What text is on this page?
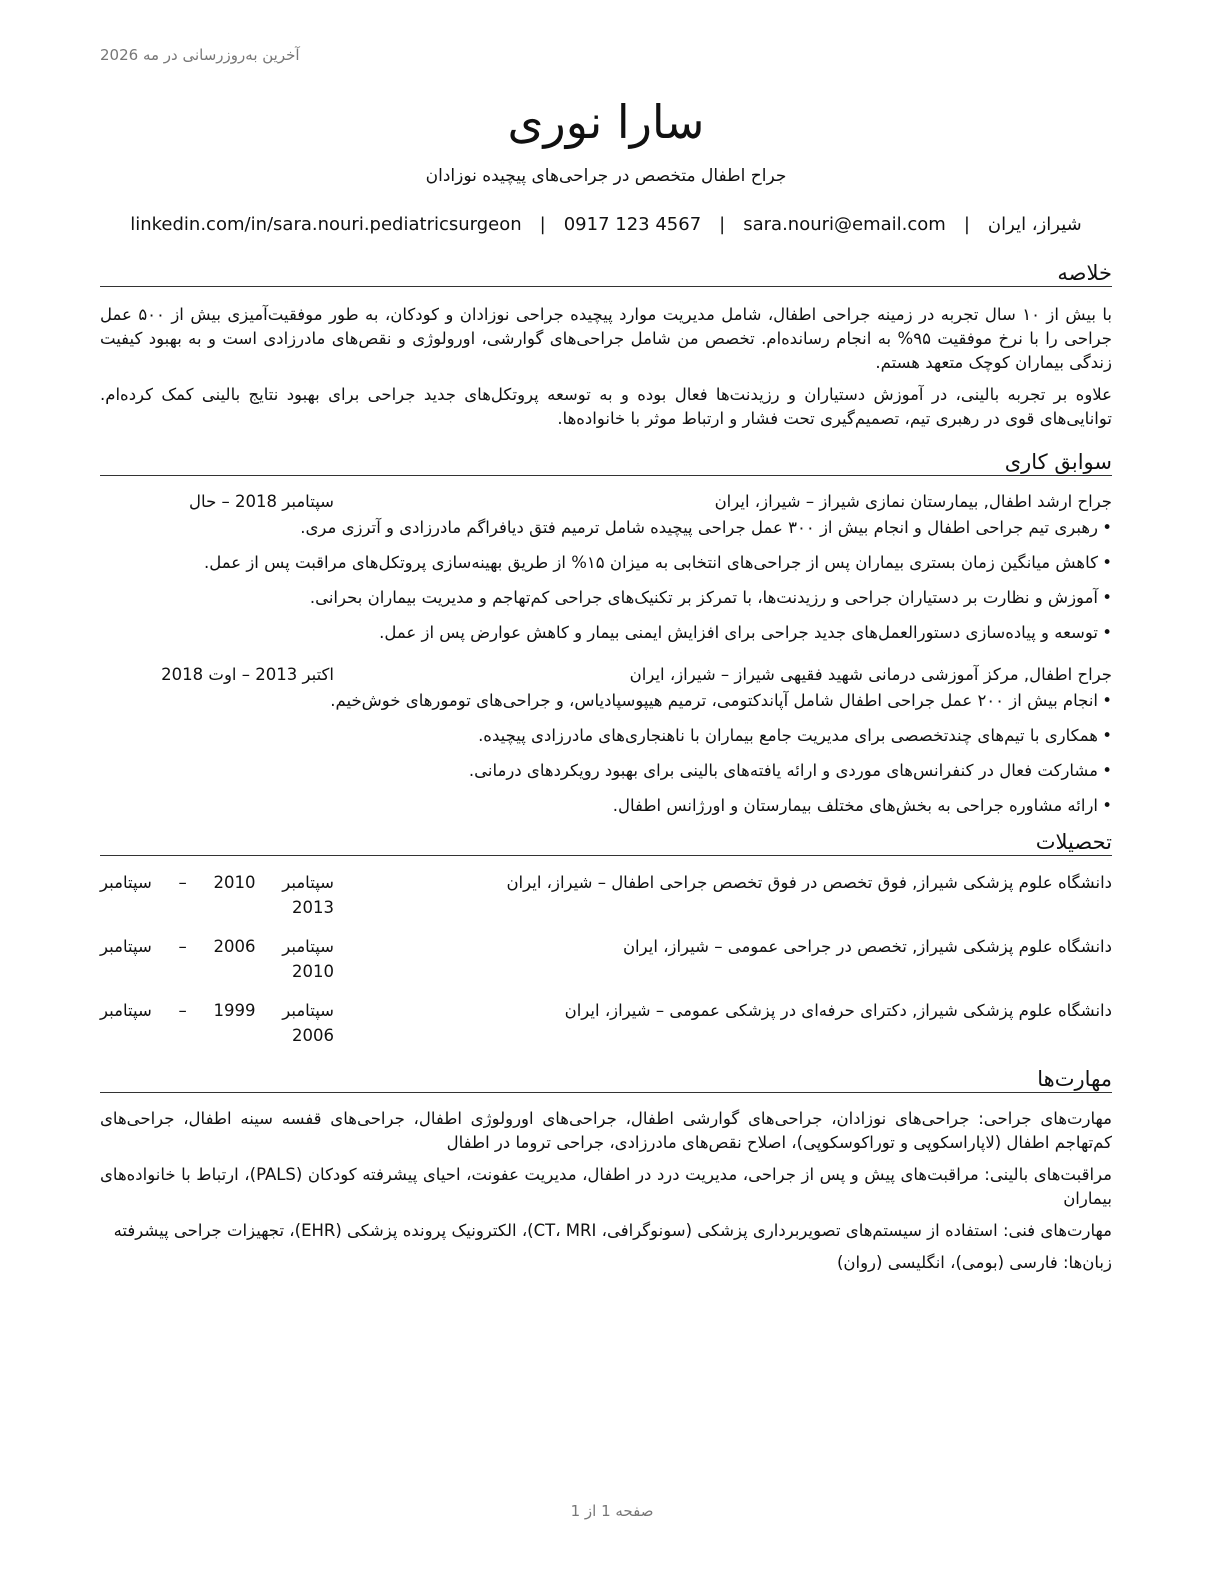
آخرین به‌روزرسانی در مه 2026
سارا نوری
جراح اطفال متخصص در جراحی‌های پیچیده نوزادان
شیراز، ایران
|
sara.nouri@email.com
|
0917 123 4567
|
linkedin.com/in/sara.nouri.pediatricsurgeon
خلاصه
با بیش از ۱۰ سال تجربه در زمینه جراحی اطفال، شامل مدیریت موارد پیچیده جراحی نوزادان و کودکان، به طور موفقیت‌آمیزی بیش از ۵۰۰ عمل جراحی را با نرخ موفقیت ۹۵% به انجام رسانده‌ام. تخصص من شامل جراحی‌های گوارشی، اورولوژی و نقص‌های مادرزادی است و به بهبود کیفیت زندگی بیماران کوچک متعهد هستم.
علاوه بر تجربه بالینی، در آموزش دستیاران و رزیدنت‌ها فعال بوده و به توسعه پروتکل‌های جدید جراحی برای بهبود نتایج بالینی کمک کرده‌ام. توانایی‌های قوی در رهبری تیم، تصمیم‌گیری تحت فشار و ارتباط موثر با خانواده‌ها.
سوابق کاری
جراح ارشد اطفال, بیمارستان نمازی شیراز – شیراز، ایران
سپتامبر 2018 – حال
• رهبری تیم جراحی اطفال و انجام بیش از ۳۰۰ عمل جراحی پیچیده شامل ترمیم فتق دیافراگم مادرزادی و آترزی مری.
• کاهش میانگین زمان بستری بیماران پس از جراحی‌های انتخابی به میزان ۱۵% از طریق بهینه‌سازی پروتکل‌های مراقبت پس از عمل.
• آموزش و نظارت بر دستیاران جراحی و رزیدنت‌ها، با تمرکز بر تکنیک‌های جراحی کم‌تهاجم و مدیریت بیماران بحرانی.
• توسعه و پیاده‌سازی دستورالعمل‌های جدید جراحی برای افزایش ایمنی بیمار و کاهش عوارض پس از عمل.
جراح اطفال, مرکز آموزشی درمانی شهید فقیهی شیراز – شیراز، ایران
اکتبر 2013 – اوت 2018
• انجام بیش از ۲۰۰ عمل جراحی اطفال شامل آپاندکتومی، ترمیم هیپوسپادیاس، و جراحی‌های تومورهای خوش‌خیم.
• همکاری با تیم‌های چندتخصصی برای مدیریت جامع بیماران با ناهنجاری‌های مادرزادی پیچیده.
• مشارکت فعال در کنفرانس‌های موردی و ارائه یافته‌های بالینی برای بهبود رویکردهای درمانی.
• ارائه مشاوره جراحی به بخش‌های مختلف بیمارستان و اورژانس اطفال.
تحصیلات
دانشگاه علوم پزشکی شیراز, فوق تخصص در فوق تخصص جراحی اطفال – شیراز، ایران
سپتامبر
2010
–
سپتامبر
2013
دانشگاه علوم پزشکی شیراز, تخصص در جراحی عمومی – شیراز، ایران
سپتامبر
2006
–
سپتامبر
2010
دانشگاه علوم پزشکی شیراز, دکترای حرفه‌ای در پزشکی عمومی – شیراز، ایران
سپتامبر
1999
–
سپتامبر
2006
مهارت‌ها
مهارت‌های جراحی: جراحی‌های نوزادان، جراحی‌های گوارشی اطفال، جراحی‌های اورولوژی اطفال، جراحی‌های قفسه سینه اطفال، جراحی‌های کم‌تهاجم اطفال (لاپاراسکوپی و توراکوسکوپی)، اصلاح نقص‌های مادرزادی، جراحی تروما در اطفال
مراقبت‌های بالینی: مراقبت‌های پیش و پس از جراحی، مدیریت درد در اطفال، مدیریت عفونت، احیای پیشرفته کودکان (PALS)، ارتباط با خانواده‌های بیماران
مهارت‌های فنی: استفاده از سیستم‌های تصویربرداری پزشکی (سونوگرافی، CT، MRI)، الکترونیک پرونده پزشکی (EHR)، تجهیزات جراحی پیشرفته
زبان‌ها: فارسی (بومی)، انگلیسی (روان)
صفحه 1 از 1
